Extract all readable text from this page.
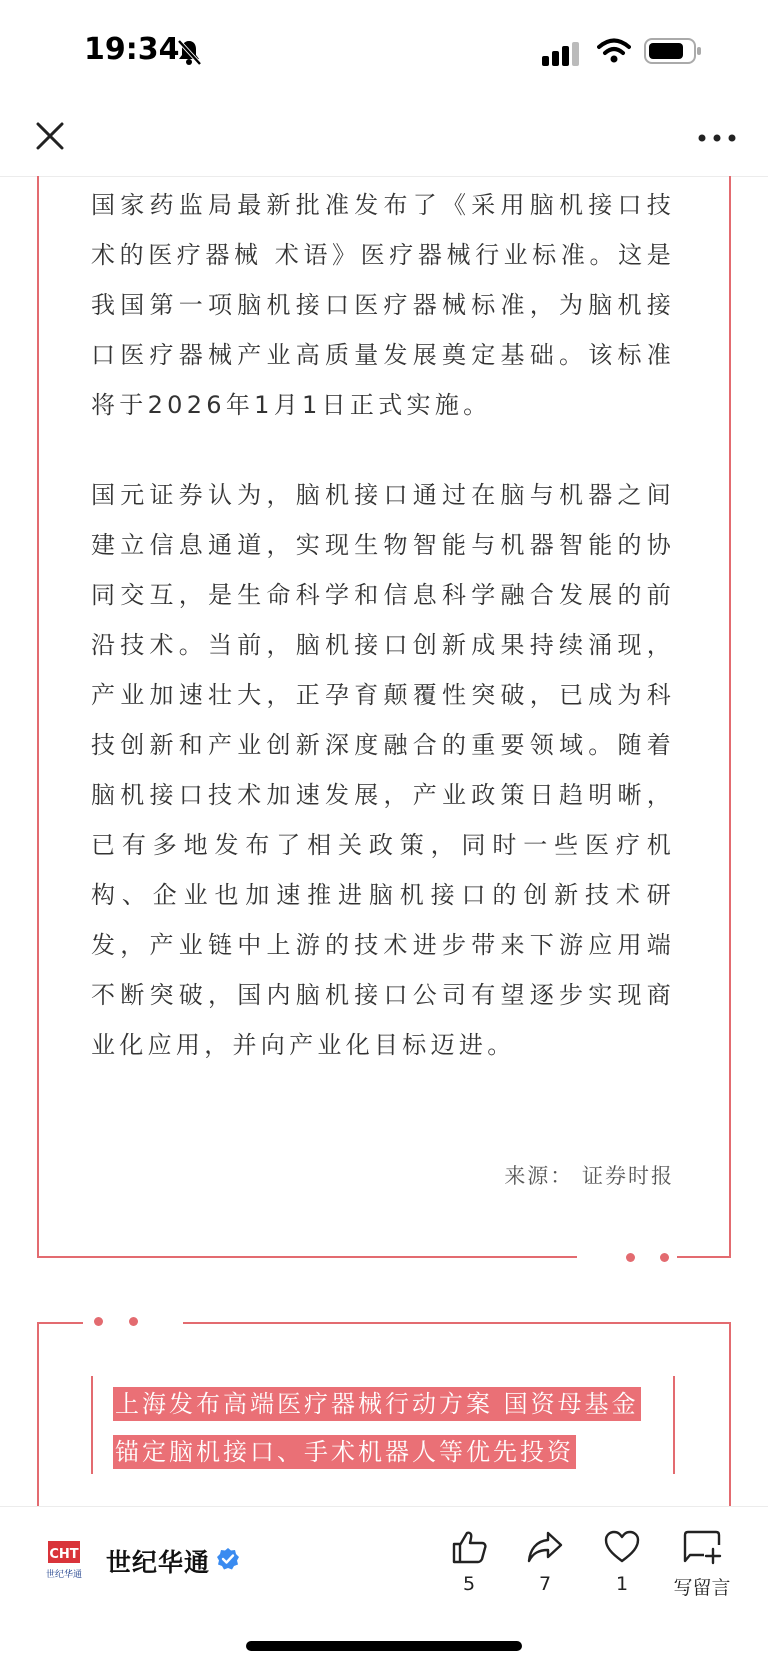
19:34

国家药监局最新批准发布了《采用脑机接口技术的医疗器械 术语》医疗器械行业标准。这是我国第一项脑机接口医疗器械标准，为脑机接口医疗器械产业高质量发展奠定基础。该标准将于2026年1月1日正式实施。

国元证券认为，脑机接口通过在脑与机器之间建立信息通道，实现生物智能与机器智能的协同交互，是生命科学和信息科学融合发展的前沿技术。当前，脑机接口创新成果持续涌现，产业加速壮大，正孕育颠覆性突破，已成为科技创新和产业创新深度融合的重要领域。随着脑机接口技术加速发展，产业政策日趋明晰，已有多地发布了相关政策，同时一些医疗机构、企业也加速推进脑机接口的创新技术研发，产业链中上游的技术进步带来下游应用端不断突破，国内脑机接口公司有望逐步实现商业化应用，并向产业化目标迈进。

来源： 证券时报

上海发布高端医疗器械行动方案 国资母基金锚定脑机接口、手术机器人等优先投资

CHT
世纪华通 世纪华通
5	7	1	写留言
